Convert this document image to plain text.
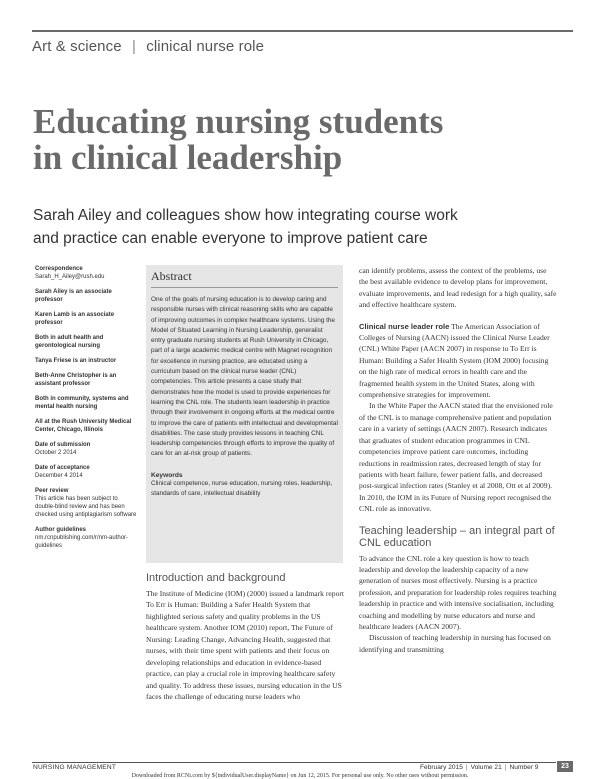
Art & science | clinical nurse role
Educating nursing students
in clinical leadership
Sarah Ailey and colleagues show how integrating course work
and practice can enable everyone to improve patient care
Correspondence
Sarah_H_Ailey@rush.edu
Sarah Ailey is an associate professor
Karen Lamb is an associate professor
Both in adult health and gerontological nursing
Tanya Friese is an instructor
Beth-Anne Christopher is an assistant professor
Both in community, systems and mental health nursing
All at the Rush University Medical Center, Chicago, Illinois
Date of submission
October 2 2014
Date of acceptance
December 4 2014
Peer review
This article has been subject to double-blind review and has been checked using antiplagiarism software
Author guidelines
nm.rcnpublishing.com/r/nm-author-guidelines
Abstract
One of the goals of nursing education is to develop caring and responsible nurses with clinical reasoning skills who are capable of improving outcomes in complex healthcare systems. Using the Model of Situated Learning in Nursing Leadership, generalist entry graduate nursing students at Rush University in Chicago, part of a large academic medical centre with Magnet recognition for excellence in nursing practice, are educated using a curriculum based on the clinical nurse leader (CNL) competencies. This article presents a case study that demonstrates how the model is used to provide experiences for learning the CNL role. The students learn leadership in practice through their involvement in ongoing efforts at the medical centre to improve the care of patients with intellectual and developmental disabilities. The case study provides lessons in teaching CNL leadership competencies through efforts to improve the quality of care for an at-risk group of patients.
Keywords
Clinical competence, nurse education, nursing roles, leadership, standards of care, intellectual disability
Introduction and background
The Institute of Medicine (IOM) (2000) issued a landmark report To Err is Human: Building a Safer Health System that highlighted serious safety and quality problems in the US healthcare system. Another IOM (2010) report, The Future of Nursing: Leading Change, Advancing Health, suggested that nurses, with their time spent with patients and their focus on developing relationships and education in evidence-based practice, can play a crucial role in improving healthcare safety and quality. To address these issues, nursing education in the US faces the challenge of educating nurse leaders who

can identify problems, assess the context of the problems, use the best available evidence to develop plans for improvement, evaluate improvements, and lead redesign for a high quality, safe and effective healthcare system.

Clinical nurse leader role The American Association of Colleges of Nursing (AACN) issued the Clinical Nurse Leader (CNL) White Paper (AACN 2007) in response to To Err is Human: Building a Safer Health System (IOM 2000) focusing on the high rate of medical errors in health care and the fragmented health system in the United States, along with comprehensive strategies for improvement.

In the White Paper the AACN stated that the envisioned role of the CNL is to manage comprehensive patient and population care in a variety of settings (AACN 2007). Research indicates that graduates of student education programmes in CNL competencies improve patient care outcomes, including reductions in readmission rates, decreased length of stay for patients with heart failure, fewer patient falls, and decreased post-surgical infection rates (Stanley et al 2008, Ott et al 2009). In 2010, the IOM in its Future of Nursing report recognised the CNL role as innovative.

Teaching leadership – an integral part of CNL education

To advance the CNL role a key question is how to teach leadership and develop the leadership capacity of a new generation of nurses most effectively. Nursing is a practice profession, and preparation for leadership roles requires teaching leadership in practice and with intensive socialisation, including coaching and modelling by nurse educators and nurse and healthcare leaders (AACN 2007).

Discussion of teaching leadership in nursing has focused on identifying and transmitting

NURSING MANAGEMENT	February 2015 | Volume 21 | Number 9	23
Downloaded from RCNi.com by ${individualUser.displayName} on Jun 12, 2015. For personal use only. No other uses without permission.
